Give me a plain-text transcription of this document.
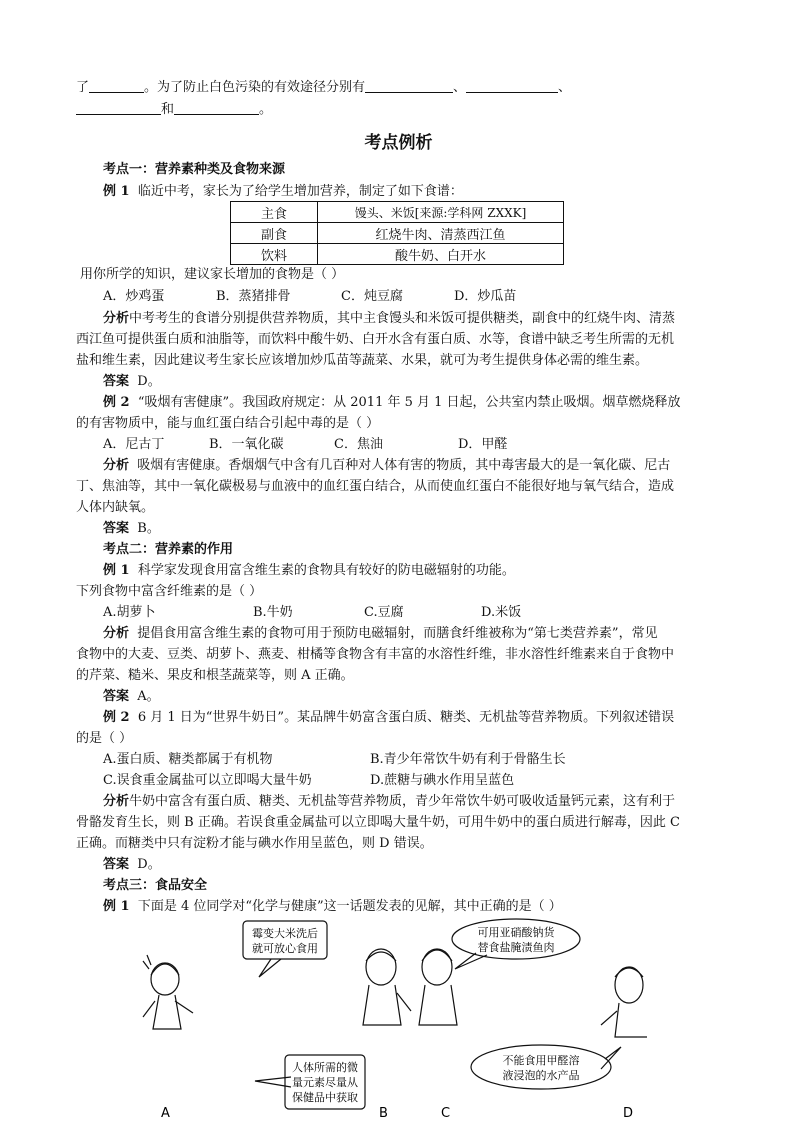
了	。为了防止白色污染的有效途径分别有	、	、
和	。
考点例析
考点一：营养素种类及食物来源
例 1 临近中考，家长为了给学生增加营养，制定了如下食谱：
主食	馒头、米饭[来源:学科网 ZXXK]
副食	红烧牛肉、清蒸西江鱼
饮料	酸牛奶、白开水
用你所学的知识，建议家长增加的食物是（ ）
A．炒鸡蛋	B．蒸猪排骨	C．炖豆腐	D．炒瓜苗
分析中考考生的食谱分别提供营养物质，其中主食馒头和米饭可提供糖类，副食中的红烧牛肉、清蒸
西江鱼可提供蛋白质和油脂等，而饮料中酸牛奶、白开水含有蛋白质、水等，食谱中缺乏考生所需的无机
盐和维生素，因此建议考生家长应该增加炒瓜苗等蔬菜、水果，就可为考生提供身体必需的维生素。
答案 D。
例 2 “吸烟有害健康”。我国政府规定：从 2011 年 5 月 1 日起，公共室内禁止吸烟。烟草燃烧释放
的有害物质中，能与血红蛋白结合引起中毒的是（ ）
A．尼古丁	B．一氧化碳	C．焦油	D．甲醛
分析 吸烟有害健康。香烟烟气中含有几百种对人体有害的物质，其中毒害最大的是一氧化碳、尼古
丁、焦油等，其中一氧化碳极易与血液中的血红蛋白结合，从而使血红蛋白不能很好地与氧气结合，造成
人体内缺氧。
答案 B。
考点二：营养素的作用
例 1 科学家发现食用富含维生素的食物具有较好的防电磁辐射的功能。
下列食物中富含纤维素的是（ ）
A.胡萝卜	B.牛奶	C.豆腐	D.米饭
分析 提倡食用富含维生素的食物可用于预防电磁辐射，而膳食纤维被称为“第七类营养素”，常见
食物中的大麦、豆类、胡萝卜、燕麦、柑橘等食物含有丰富的水溶性纤维，非水溶性纤维素来自于食物中
的芹菜、糙米、果皮和根茎蔬菜等，则 A 正确。
答案 A。
例 2 6 月 1 日为“世界牛奶日”。某品牌牛奶富含蛋白质、糖类、无机盐等营养物质。下列叙述错误
的是（ ）
A.蛋白质、糖类都属于有机物	B.青少年常饮牛奶有利于骨骼生长
C.误食重金属盐可以立即喝大量牛奶	D.蔗糖与碘水作用呈蓝色
分析牛奶中富含有蛋白质、糖类、无机盐等营养物质，青少年常饮牛奶可吸收适量钙元素，这有利于
骨骼发育生长，则 B 正确。若误食重金属盐可以立即喝大量牛奶，可用牛奶中的蛋白质进行解毒，因此 C
正确。而糖类中只有淀粉才能与碘水作用呈蓝色，则 D 错误。
答案 D。
考点三：食品安全
例 1 下面是 4 位同学对“化学与健康”这一话题发表的见解，其中正确的是（ ）
霉变大米洗后
就可放心食用
人体所需的微
量元素尽量从
保健品中获取
可用亚硝酸钠货
替食盐腌渍鱼肉
不能食用甲醛溶
液浸泡的水产品
A	B	C	D
